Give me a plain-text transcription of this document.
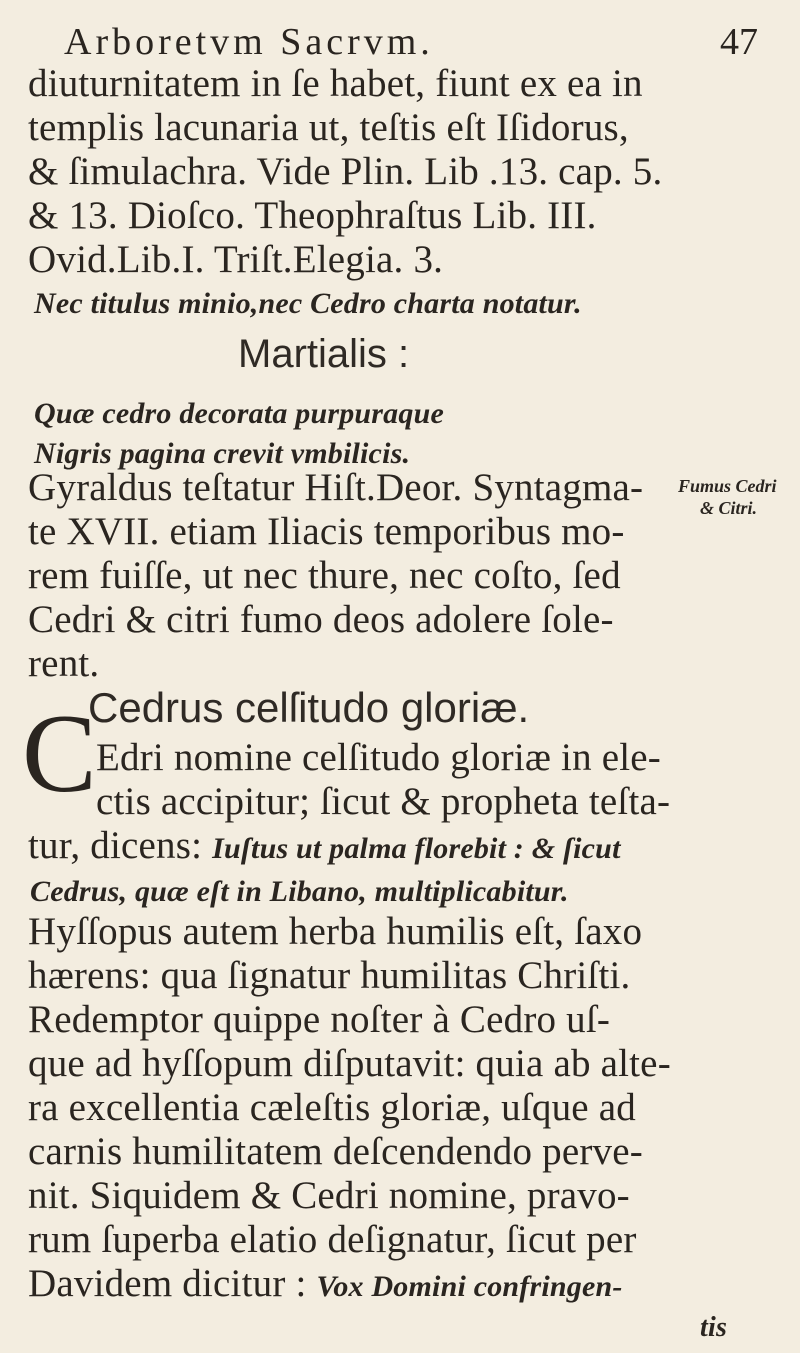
Arboretvm Sacrvm.	47
diuturnitatem in ſe habet, fiunt ex ea in
templis lacunaria ut, teſtis eſt Iſidorus,
& ſimulachra. Vide Plin. Lib .13. cap. 5.
& 13. Dioſco. Theophraſtus Lib. III.
Ovid.Lib.I. Triſt.Elegia. 3.
Nec titulus minio,nec Cedro charta notatur.
Martialis :
Quæ cedro decorata purpuraque
Nigris pagina crevit vmbilicis.
Gyraldus teſtatur Hiſt.Deor. Syntagma-
te XVII. etiam Iliacis temporibus mo-
rem fuiſſe, ut nec thure, nec coſto, ſed
Cedri & citri fumo deos adolere ſole-
rent.
Fumus Cedri
& Citri.
Cedrus celſitudo gloriæ.
C Edri nomine celſitudo gloriæ in ele-
ctis accipitur; ſicut & propheta teſta-
tur, dicens: Iuſtus ut palma florebit : & ſicut
Cedrus, quæ eſt in Libano, multiplicabitur.
Hyſſopus autem herba humilis eſt, ſaxo
hærens: qua ſignatur humilitas Chriſti.
Redemptor quippe noſter à Cedro uſ-
que ad hyſſopum diſputavit: quia ab alte-
ra excellentia cæleſtis gloriæ, uſque ad
carnis humilitatem deſcendendo perve-
nit. Siquidem & Cedri nomine, pravo-
rum ſuperba elatio deſignatur, ſicut per
Davidem dicitur : Vox Domini confringen-
tis
